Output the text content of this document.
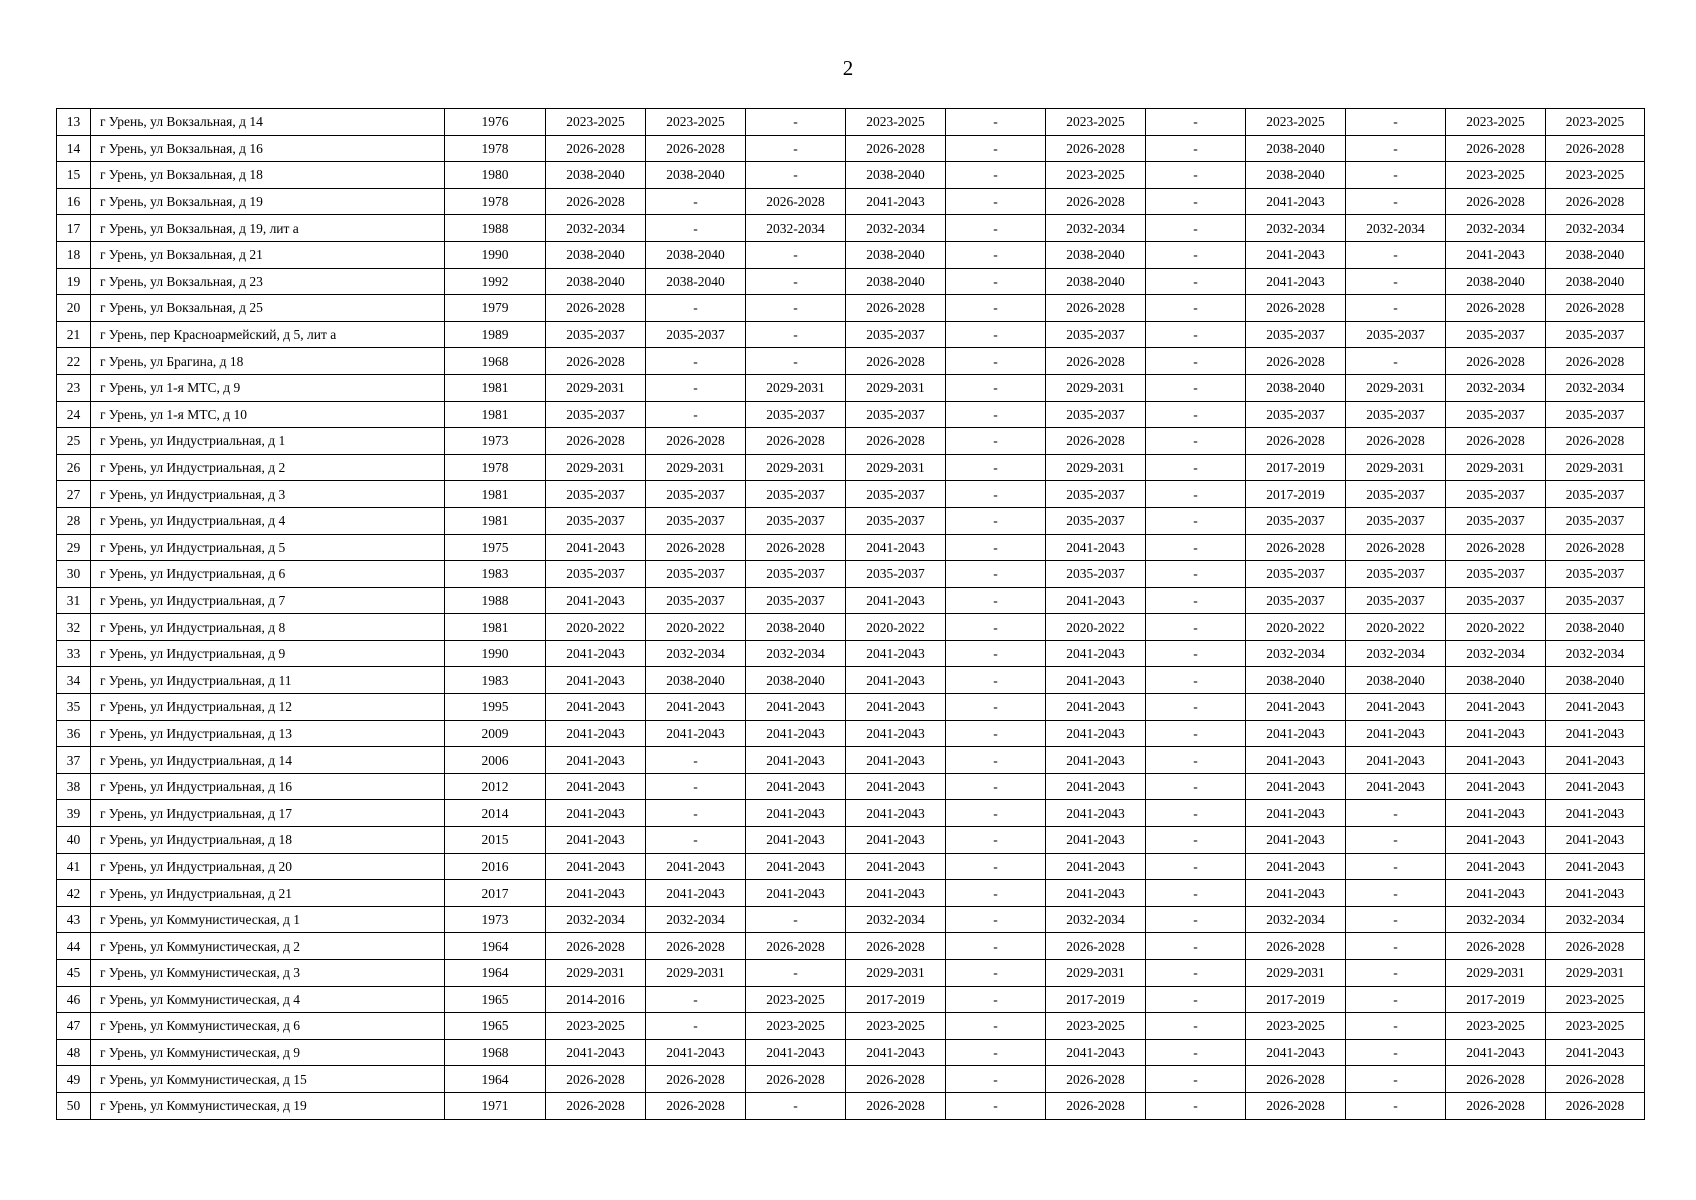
2
13	г Урень, ул Вокзальная, д 14	1976	2023-2025	2023-2025	-	2023-2025	-	2023-2025	-	2023-2025	-	2023-2025	2023-2025
14	г Урень, ул Вокзальная, д 16	1978	2026-2028	2026-2028	-	2026-2028	-	2026-2028	-	2038-2040	-	2026-2028	2026-2028
15	г Урень, ул Вокзальная, д 18	1980	2038-2040	2038-2040	-	2038-2040	-	2023-2025	-	2038-2040	-	2023-2025	2023-2025
16	г Урень, ул Вокзальная, д 19	1978	2026-2028	-	2026-2028	2041-2043	-	2026-2028	-	2041-2043	-	2026-2028	2026-2028
17	г Урень, ул Вокзальная, д 19, лит а	1988	2032-2034	-	2032-2034	2032-2034	-	2032-2034	-	2032-2034	2032-2034	2032-2034	2032-2034
18	г Урень, ул Вокзальная, д 21	1990	2038-2040	2038-2040	-	2038-2040	-	2038-2040	-	2041-2043	-	2041-2043	2038-2040
19	г Урень, ул Вокзальная, д 23	1992	2038-2040	2038-2040	-	2038-2040	-	2038-2040	-	2041-2043	-	2038-2040	2038-2040
20	г Урень, ул Вокзальная, д 25	1979	2026-2028	-	-	2026-2028	-	2026-2028	-	2026-2028	-	2026-2028	2026-2028
21	г Урень, пер Красноармейский, д 5, лит а	1989	2035-2037	2035-2037	-	2035-2037	-	2035-2037	-	2035-2037	2035-2037	2035-2037	2035-2037
22	г Урень, ул Брагина, д 18	1968	2026-2028	-	-	2026-2028	-	2026-2028	-	2026-2028	-	2026-2028	2026-2028
23	г Урень, ул 1-я МТС, д 9	1981	2029-2031	-	2029-2031	2029-2031	-	2029-2031	-	2038-2040	2029-2031	2032-2034	2032-2034
24	г Урень, ул 1-я МТС, д 10	1981	2035-2037	-	2035-2037	2035-2037	-	2035-2037	-	2035-2037	2035-2037	2035-2037	2035-2037
25	г Урень, ул Индустриальная, д 1	1973	2026-2028	2026-2028	2026-2028	2026-2028	-	2026-2028	-	2026-2028	2026-2028	2026-2028	2026-2028
26	г Урень, ул Индустриальная, д 2	1978	2029-2031	2029-2031	2029-2031	2029-2031	-	2029-2031	-	2017-2019	2029-2031	2029-2031	2029-2031
27	г Урень, ул Индустриальная, д 3	1981	2035-2037	2035-2037	2035-2037	2035-2037	-	2035-2037	-	2017-2019	2035-2037	2035-2037	2035-2037
28	г Урень, ул Индустриальная, д 4	1981	2035-2037	2035-2037	2035-2037	2035-2037	-	2035-2037	-	2035-2037	2035-2037	2035-2037	2035-2037
29	г Урень, ул Индустриальная, д 5	1975	2041-2043	2026-2028	2026-2028	2041-2043	-	2041-2043	-	2026-2028	2026-2028	2026-2028	2026-2028
30	г Урень, ул Индустриальная, д 6	1983	2035-2037	2035-2037	2035-2037	2035-2037	-	2035-2037	-	2035-2037	2035-2037	2035-2037	2035-2037
31	г Урень, ул Индустриальная, д 7	1988	2041-2043	2035-2037	2035-2037	2041-2043	-	2041-2043	-	2035-2037	2035-2037	2035-2037	2035-2037
32	г Урень, ул Индустриальная, д 8	1981	2020-2022	2020-2022	2038-2040	2020-2022	-	2020-2022	-	2020-2022	2020-2022	2020-2022	2038-2040
33	г Урень, ул Индустриальная, д 9	1990	2041-2043	2032-2034	2032-2034	2041-2043	-	2041-2043	-	2032-2034	2032-2034	2032-2034	2032-2034
34	г Урень, ул Индустриальная, д 11	1983	2041-2043	2038-2040	2038-2040	2041-2043	-	2041-2043	-	2038-2040	2038-2040	2038-2040	2038-2040
35	г Урень, ул Индустриальная, д 12	1995	2041-2043	2041-2043	2041-2043	2041-2043	-	2041-2043	-	2041-2043	2041-2043	2041-2043	2041-2043
36	г Урень, ул Индустриальная, д 13	2009	2041-2043	2041-2043	2041-2043	2041-2043	-	2041-2043	-	2041-2043	2041-2043	2041-2043	2041-2043
37	г Урень, ул Индустриальная, д 14	2006	2041-2043	-	2041-2043	2041-2043	-	2041-2043	-	2041-2043	2041-2043	2041-2043	2041-2043
38	г Урень, ул Индустриальная, д 16	2012	2041-2043	-	2041-2043	2041-2043	-	2041-2043	-	2041-2043	2041-2043	2041-2043	2041-2043
39	г Урень, ул Индустриальная, д 17	2014	2041-2043	-	2041-2043	2041-2043	-	2041-2043	-	2041-2043	-	2041-2043	2041-2043
40	г Урень, ул Индустриальная, д 18	2015	2041-2043	-	2041-2043	2041-2043	-	2041-2043	-	2041-2043	-	2041-2043	2041-2043
41	г Урень, ул Индустриальная, д 20	2016	2041-2043	2041-2043	2041-2043	2041-2043	-	2041-2043	-	2041-2043	-	2041-2043	2041-2043
42	г Урень, ул Индустриальная, д 21	2017	2041-2043	2041-2043	2041-2043	2041-2043	-	2041-2043	-	2041-2043	-	2041-2043	2041-2043
43	г Урень, ул Коммунистическая, д 1	1973	2032-2034	2032-2034	-	2032-2034	-	2032-2034	-	2032-2034	-	2032-2034	2032-2034
44	г Урень, ул Коммунистическая, д 2	1964	2026-2028	2026-2028	2026-2028	2026-2028	-	2026-2028	-	2026-2028	-	2026-2028	2026-2028
45	г Урень, ул Коммунистическая, д 3	1964	2029-2031	2029-2031	-	2029-2031	-	2029-2031	-	2029-2031	-	2029-2031	2029-2031
46	г Урень, ул Коммунистическая, д 4	1965	2014-2016	-	2023-2025	2017-2019	-	2017-2019	-	2017-2019	-	2017-2019	2023-2025
47	г Урень, ул Коммунистическая, д 6	1965	2023-2025	-	2023-2025	2023-2025	-	2023-2025	-	2023-2025	-	2023-2025	2023-2025
48	г Урень, ул Коммунистическая, д 9	1968	2041-2043	2041-2043	2041-2043	2041-2043	-	2041-2043	-	2041-2043	-	2041-2043	2041-2043
49	г Урень, ул Коммунистическая, д 15	1964	2026-2028	2026-2028	2026-2028	2026-2028	-	2026-2028	-	2026-2028	-	2026-2028	2026-2028
50	г Урень, ул Коммунистическая, д 19	1971	2026-2028	2026-2028	-	2026-2028	-	2026-2028	-	2026-2028	-	2026-2028	2026-2028
